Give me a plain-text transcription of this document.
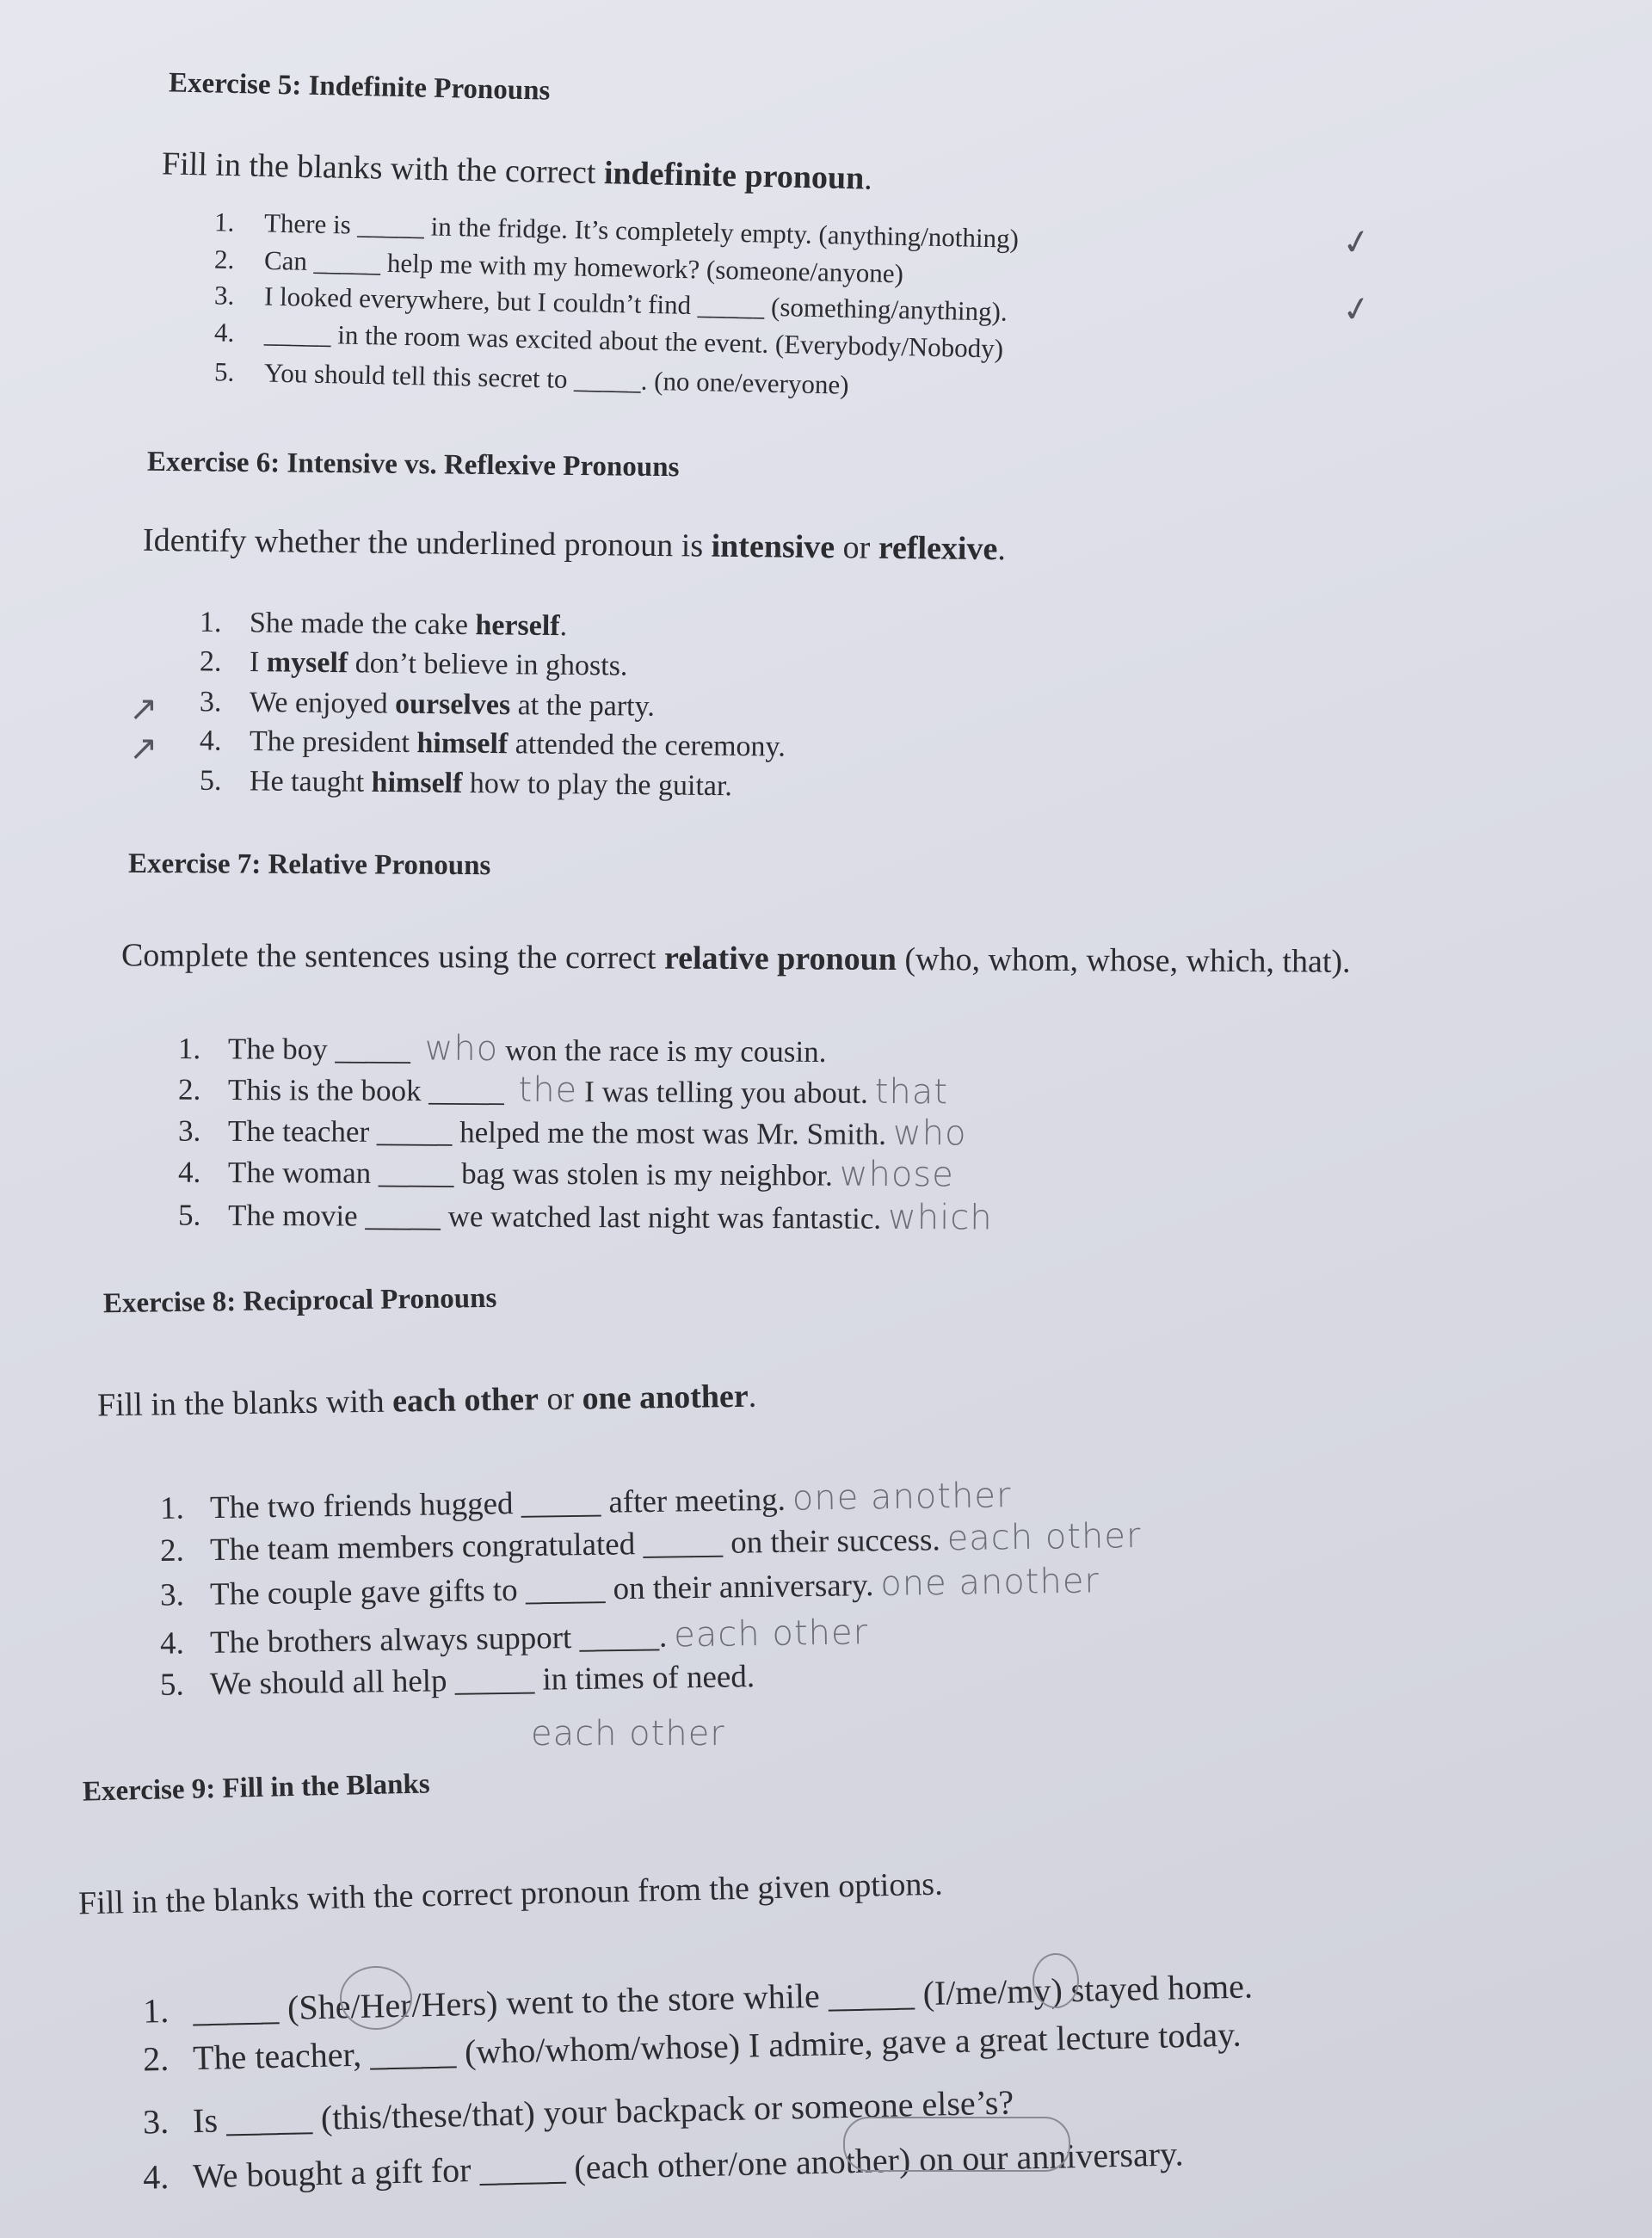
Exercise 5: Indefinite Pronouns
Fill in the blanks with the correct indefinite pronoun.
1. There is _____ in the fridge. It’s completely empty. (anything/nothing)
2. Can _____ help me with my homework? (someone/anyone)
3. I looked everywhere, but I couldn’t find _____ (something/anything).
4. _____ in the room was excited about the event. (Everybody/Nobody)
5. You should tell this secret to _____. (no one/everyone)
Exercise 6: Intensive vs. Reflexive Pronouns
Identify whether the underlined pronoun is intensive or reflexive.
1. She made the cake herself.
2. I myself don’t believe in ghosts.
3. We enjoyed ourselves at the party.
4. The president himself attended the ceremony.
5. He taught himself how to play the guitar.
Exercise 7: Relative Pronouns
Complete the sentences using the correct relative pronoun (who, whom, whose, which, that).
1. The boy _____ who won the race is my cousin.
2. This is the book _____ the I was telling you about. that
3. The teacher _____ helped me the most was Mr. Smith. who
4. The woman _____ bag was stolen is my neighbor. whose
5. The movie _____ we watched last night was fantastic. which
Exercise 8: Reciprocal Pronouns
Fill in the blanks with each other or one another.
1. The two friends hugged _____ after meeting. one another
2. The team members congratulated _____ on their success. each other
3. The couple gave gifts to _____ on their anniversary. one another
4. The brothers always support _____. each other
5. We should all help _____ in times of need.
each other
Exercise 9: Fill in the Blanks
Fill in the blanks with the correct pronoun from the given options.
1. _____ (She/Her/Hers) went to the store while _____ (I/me/my) stayed home.
2. The teacher, _____ (who/whom/whose) I admire, gave a great lecture today.
3. Is _____ (this/these/that) your backpack or someone else’s?
4. We bought a gift for _____ (each other/one another) on our anniversary.
✓
✓
↗
↗
